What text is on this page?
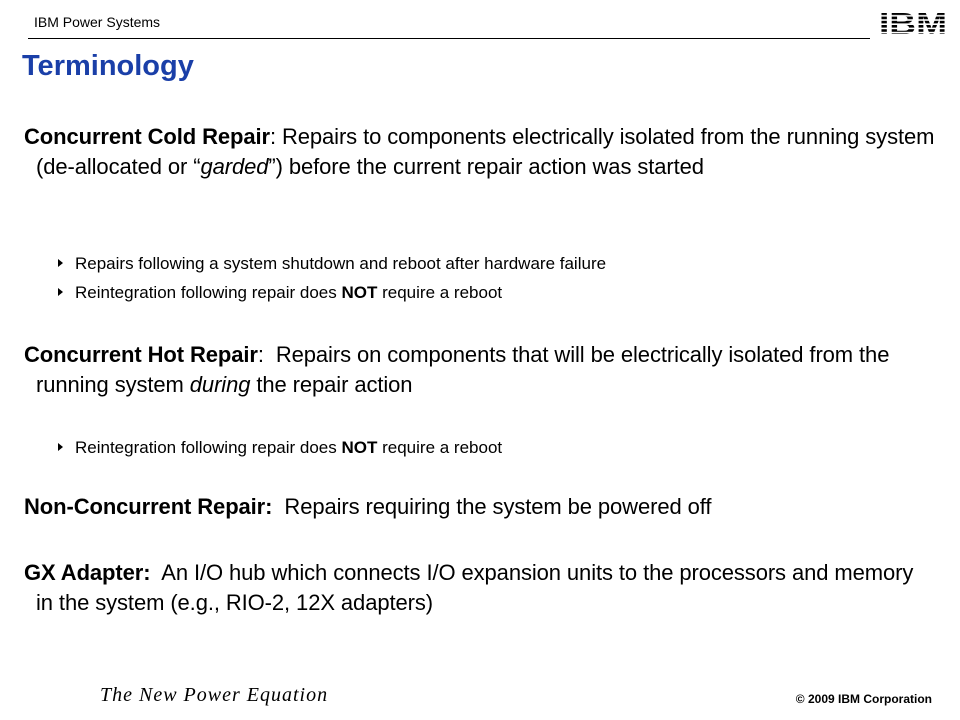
IBM Power Systems	IBM
Terminology
Concurrent Cold Repair: Repairs to components electrically isolated from the running system (de-allocated or “garded”) before the current repair action was started
Repairs following a system shutdown and reboot after hardware failure
Reintegration following repair does NOT require a reboot
Concurrent Hot Repair:  Repairs on components that will be electrically isolated from the running system during the repair action
Reintegration following repair does NOT require a reboot
Non-Concurrent Repair: Repairs requiring the system be powered off
GX Adapter: An I/O hub which connects I/O expansion units to the processors and memory in the system (e.g., RIO-2, 12X adapters)
The New Power Equation	© 2009 IBM Corporation
